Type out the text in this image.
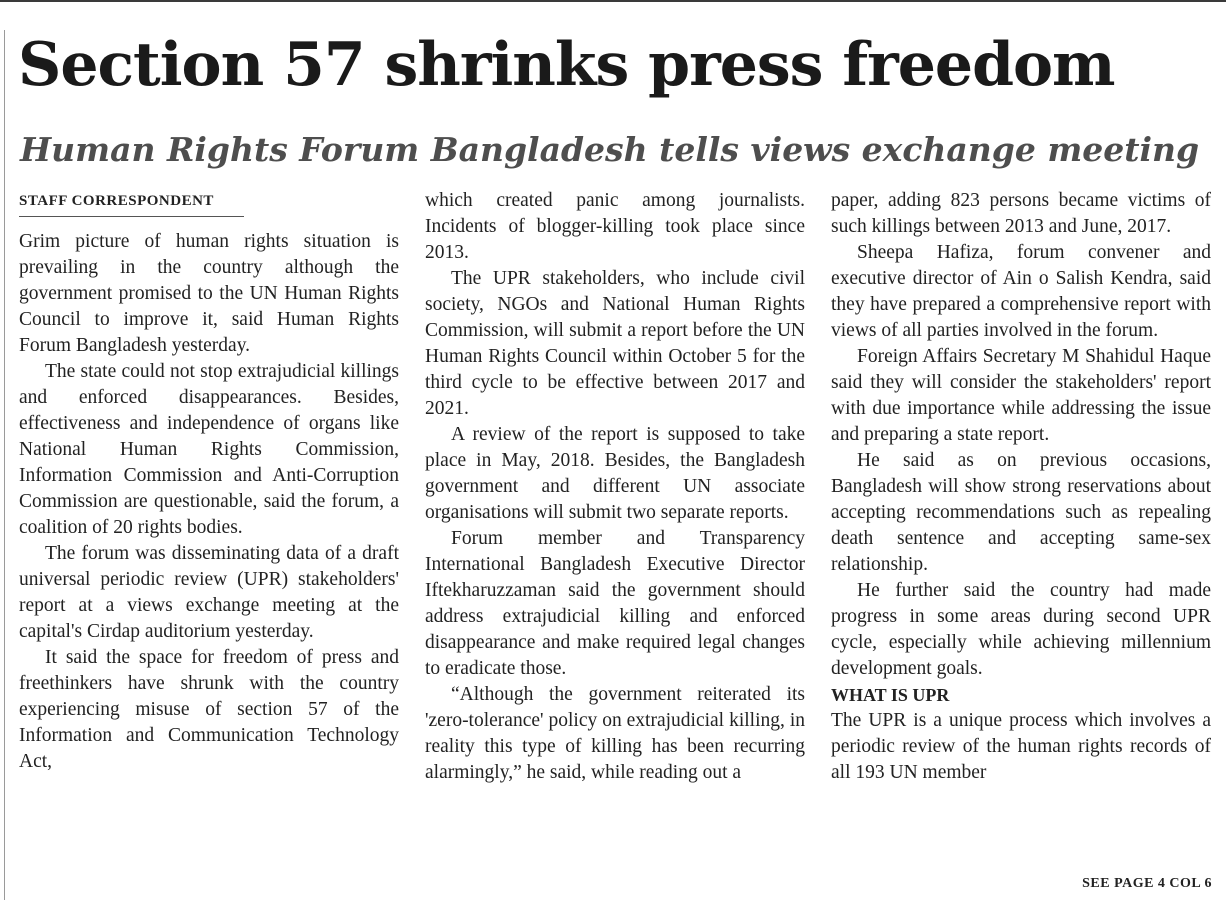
Section 57 shrinks press freedom
Human Rights Forum Bangladesh tells views exchange meeting
STAFF CORRESPONDENT

Grim picture of human rights situation is prevailing in the country although the government promised to the UN Human Rights Council to improve it, said Human Rights Forum Bangladesh yesterday.

The state could not stop extrajudicial killings and enforced disappearances. Besides, effectiveness and independence of organs like National Human Rights Commission, Information Commission and Anti-Corruption Commission are questionable, said the forum, a coalition of 20 rights bodies.

The forum was disseminating data of a draft universal periodic review (UPR) stakeholders' report at a views exchange meeting at the capital's Cirdap auditorium yesterday.

It said the space for freedom of press and freethinkers have shrunk with the country experiencing misuse of section 57 of the Information and Communication Technology Act,

which created panic among journalists. Incidents of blogger-killing took place since 2013.

The UPR stakeholders, who include civil society, NGOs and National Human Rights Commission, will submit a report before the UN Human Rights Council within October 5 for the third cycle to be effective between 2017 and 2021.

A review of the report is supposed to take place in May, 2018. Besides, the Bangladesh government and different UN associate organisations will submit two separate reports.

Forum member and Transparency International Bangladesh Executive Director Iftekharuzzaman said the government should address extrajudicial killing and enforced disappearance and make required legal changes to eradicate those.

“Although the government reiterated its 'zero-tolerance' policy on extrajudicial killing, in reality this type of killing has been recurring alarmingly,” he said, while reading out a

paper, adding 823 persons became victims of such killings between 2013 and June, 2017.

Sheepa Hafiza, forum convener and executive director of Ain o Salish Kendra, said they have prepared a comprehensive report with views of all parties involved in the forum.

Foreign Affairs Secretary M Shahidul Haque said they will consider the stakeholders' report with due importance while addressing the issue and preparing a state report.

He said as on previous occasions, Bangladesh will show strong reservations about accepting recommendations such as repealing death sentence and accepting same-sex relationship.

He further said the country had made progress in some areas during second UPR cycle, especially while achieving millennium development goals.

WHAT IS UPR

The UPR is a unique process which involves a periodic review of the human rights records of all 193 UN member

SEE PAGE 4 COL 6
